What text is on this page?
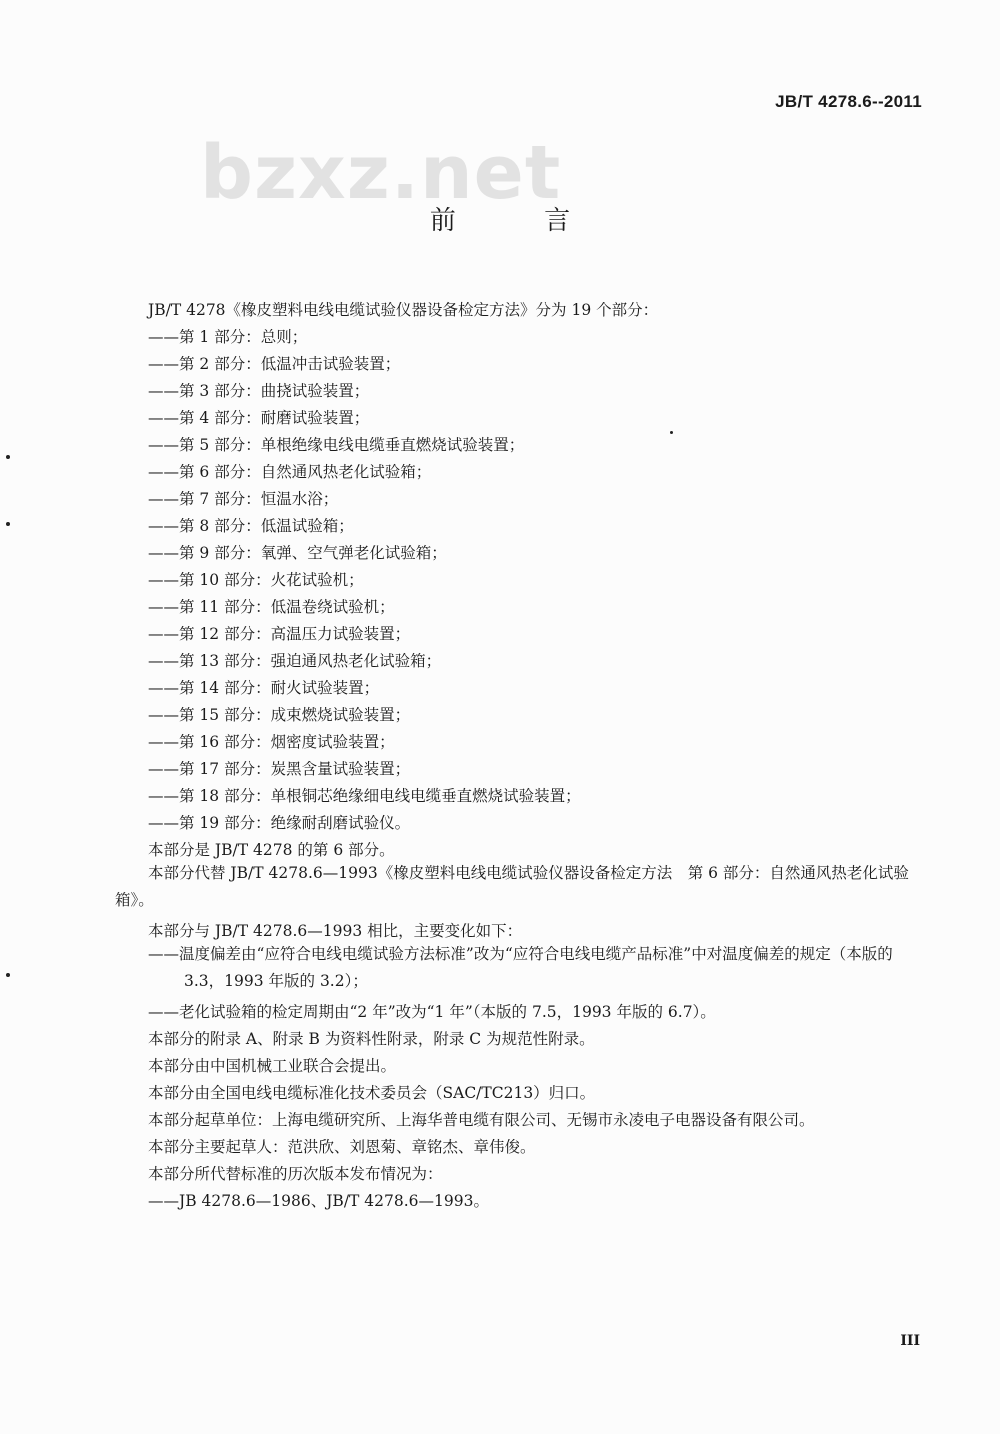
JB/T 4278.6--2011
bzxz.net
前 言
JB/T 4278《橡皮塑料电线电缆试验仪器设备检定方法》分为 19 个部分：
——第 1 部分：总则；
——第 2 部分：低温冲击试验装置；
——第 3 部分：曲挠试验装置；
——第 4 部分：耐磨试验装置；
——第 5 部分：单根绝缘电线电缆垂直燃烧试验装置；
——第 6 部分：自然通风热老化试验箱；
——第 7 部分：恒温水浴；
——第 8 部分：低温试验箱；
——第 9 部分：氧弹、空气弹老化试验箱；
——第 10 部分：火花试验机；
——第 11 部分：低温卷绕试验机；
——第 12 部分：高温压力试验装置；
——第 13 部分：强迫通风热老化试验箱；
——第 14 部分：耐火试验装置；
——第 15 部分：成束燃烧试验装置；
——第 16 部分：烟密度试验装置；
——第 17 部分：炭黑含量试验装置；
——第 18 部分：单根铜芯绝缘细电线电缆垂直燃烧试验装置；
——第 19 部分：绝缘耐刮磨试验仪。
本部分是 JB/T 4278 的第 6 部分。
本部分代替 JB/T 4278.6—1993《橡皮塑料电线电缆试验仪器设备检定方法　第 6 部分：自然通风热老化试验箱》。
本部分与 JB/T 4278.6—1993 相比，主要变化如下：
——温度偏差由“应符合电线电缆试验方法标准”改为“应符合电线电缆产品标准”中对温度偏差的规定（本版的 3.3，1993 年版的 3.2）；
——老化试验箱的检定周期由“2 年”改为“1 年”（本版的 7.5，1993 年版的 6.7）。
本部分的附录 A、附录 B 为资料性附录，附录 C 为规范性附录。
本部分由中国机械工业联合会提出。
本部分由全国电线电缆标准化技术委员会（SAC/TC213）归口。
本部分起草单位：上海电缆研究所、上海华普电缆有限公司、无锡市永凌电子电器设备有限公司。
本部分主要起草人：范洪欣、刘恩菊、章铭杰、章伟俊。
本部分所代替标准的历次版本发布情况为：
——JB 4278.6—1986、JB/T 4278.6—1993。
III
